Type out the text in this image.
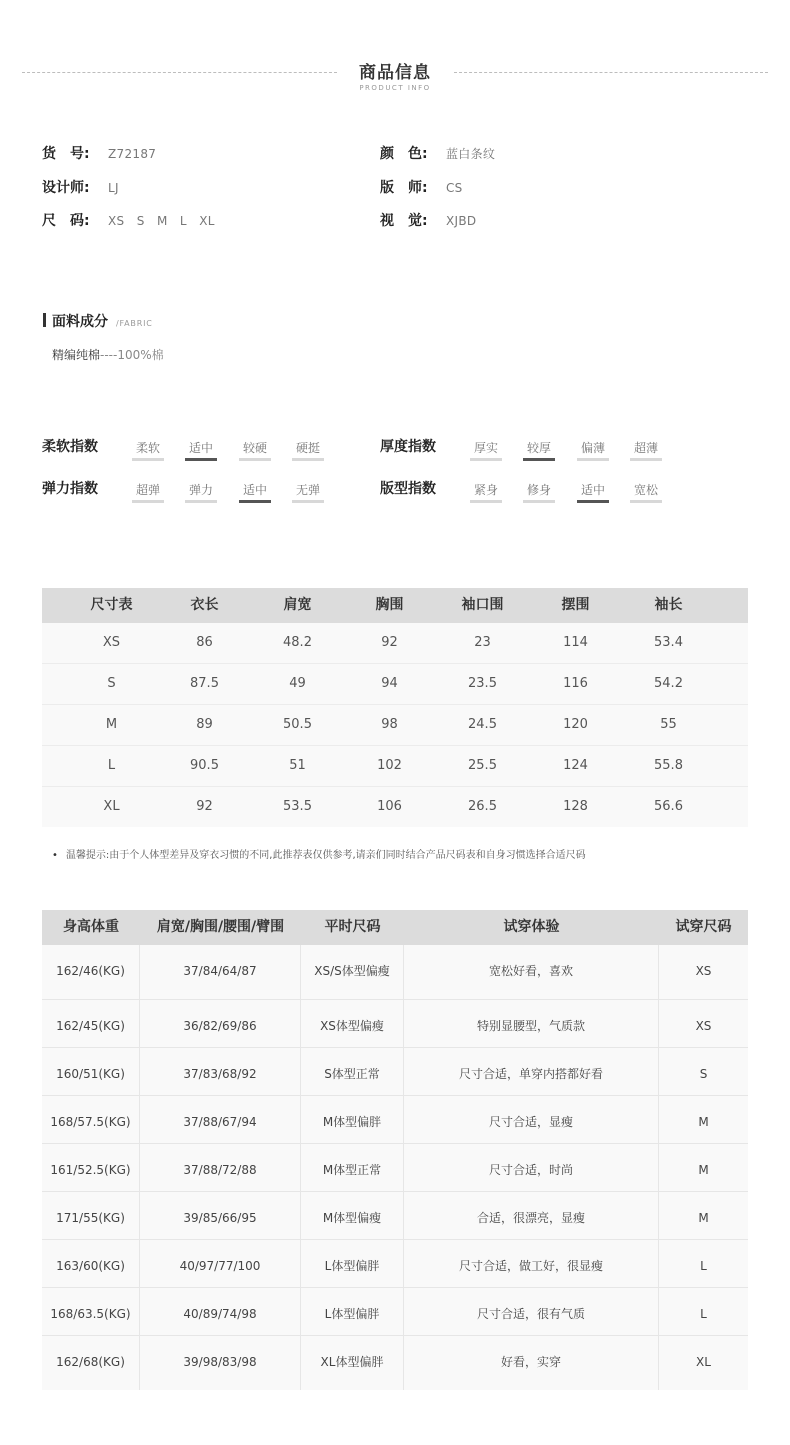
商品信息
PRODUCT INFO
货　号: Z72187
设计师: LJ
尺　码: XS　S　M　L　XL
颜　色: 蓝白条纹
版　师: CS
视　觉: XJBD
面料成分 /FABRIC
精编纯棉----100%棉
柔软指数	柔软	适中	较硬	硬挺
弹力指数	超弹	弹力	适中	无弹
厚度指数	厚实	较厚	偏薄	超薄
版型指数	紧身	修身	适中	宽松
尺寸表	衣长	肩宽	胸围	袖口围	摆围	袖长
XS	86	48.2	92	23	114	53.4
S	87.5	49	94	23.5	116	54.2
M	89	50.5	98	24.5	120	55
L	90.5	51	102	25.5	124	55.8
XL	92	53.5	106	26.5	128	56.6
• 温馨提示:由于个人体型差异及穿衣习惯的不同,此推荐表仅供参考,请亲们同时结合产品尺码表和自身习惯选择合适尺码
身高体重	肩宽/胸围/腰围/臂围	平时尺码	试穿体验	试穿尺码
162/46(KG)	37/84/64/87	XS/S体型偏瘦	宽松好看，喜欢	XS
162/45(KG)	36/82/69/86	XS体型偏瘦	特别显腰型，气质款	XS
160/51(KG)	37/83/68/92	S体型正常	尺寸合适，单穿内搭都好看	S
168/57.5(KG)	37/88/67/94	M体型偏胖	尺寸合适，显瘦	M
161/52.5(KG)	37/88/72/88	M体型正常	尺寸合适，时尚	M
171/55(KG)	39/85/66/95	M体型偏瘦	合适，很漂亮，显瘦	M
163/60(KG)	40/97/77/100	L体型偏胖	尺寸合适，做工好，很显瘦	L
168/63.5(KG)	40/89/74/98	L体型偏胖	尺寸合适，很有气质	L
162/68(KG)	39/98/83/98	XL体型偏胖	好看，实穿	XL
